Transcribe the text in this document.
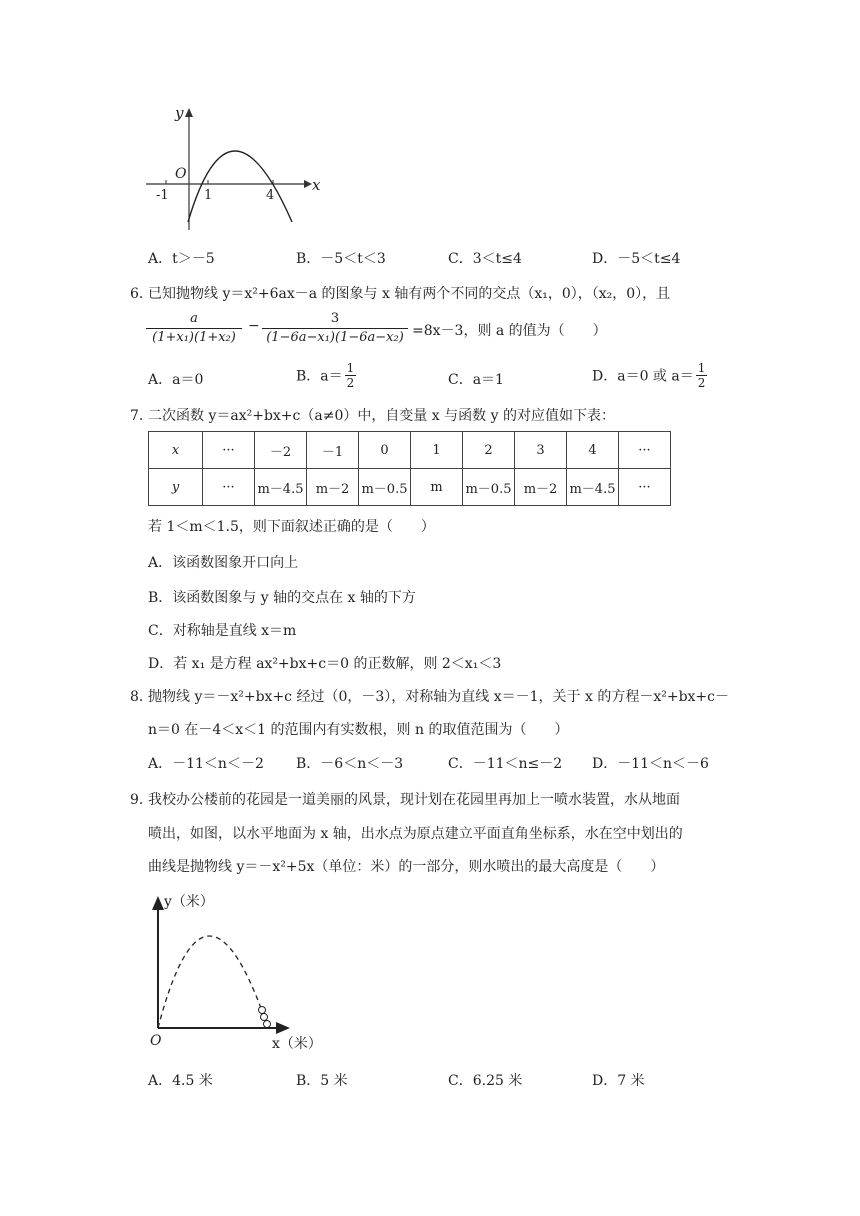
y
x
O
-1	1	4
A．t＞－5	B．－5＜t＜3	C．3＜t≤4	D．－5＜t≤4
6．
已知抛物线 y＝x²+6ax－a 的图象与 x 轴有两个不同的交点（x₁，0），（x₂，0），且
$\frac{a}{\text{(1+x₁)(1+x₂)}} - \frac{3}{\text{(1−6a−x₁)(1−6a−x₂)}} =8x-3$，则 a 的值为（　　）
A．a＝0	B．$a= \frac{1}{2}$	C．a＝1	D．a＝0 或 $a= \frac{1}{2}$
7．
二次函数 y＝ax²+bx+c（a≠0）中，自变量 x 与函数 y 的对应值如下表：
x	···	－2	－1	0	1	2	3	4	···
y	···	m－4.5	m－2	m－0.5	m	m－0.5	m－2	m－4.5	···
若 1＜m＜1.5，则下面叙述正确的是（　　）
A．该函数图象开口向上
B．该函数图象与 y 轴的交点在 x 轴的下方
C．对称轴是直线 x＝m
D．若 x₁ 是方程 ax²+bx+c＝0 的正数解，则 2＜x₁＜3
8．
抛物线 y＝－x²+bx+c 经过（0，－3），对称轴为直线 x＝－1，关于 x 的方程－x²+bx+c－
n＝0 在－4＜x＜1 的范围内有实数根，则 n 的取值范围为（　　）
A．－11＜n＜－2 B．－6＜n＜－3	C．－11＜n≤－2 D．－11＜n＜－6
9．
我校办公楼前的花园是一道美丽的风景，现计划在花园里再加上一喷水装置，水从地面
喷出，如图，以水平地面为 x 轴，出水点为原点建立平面直角坐标系，水在空中划出的
曲线是抛物线 y＝－x²+5x（单位：米）的一部分，则水喷出的最大高度是（　　）
y（米）
x（米）
O
A．4.5 米	B．5 米	C．6.25 米	D．7 米
